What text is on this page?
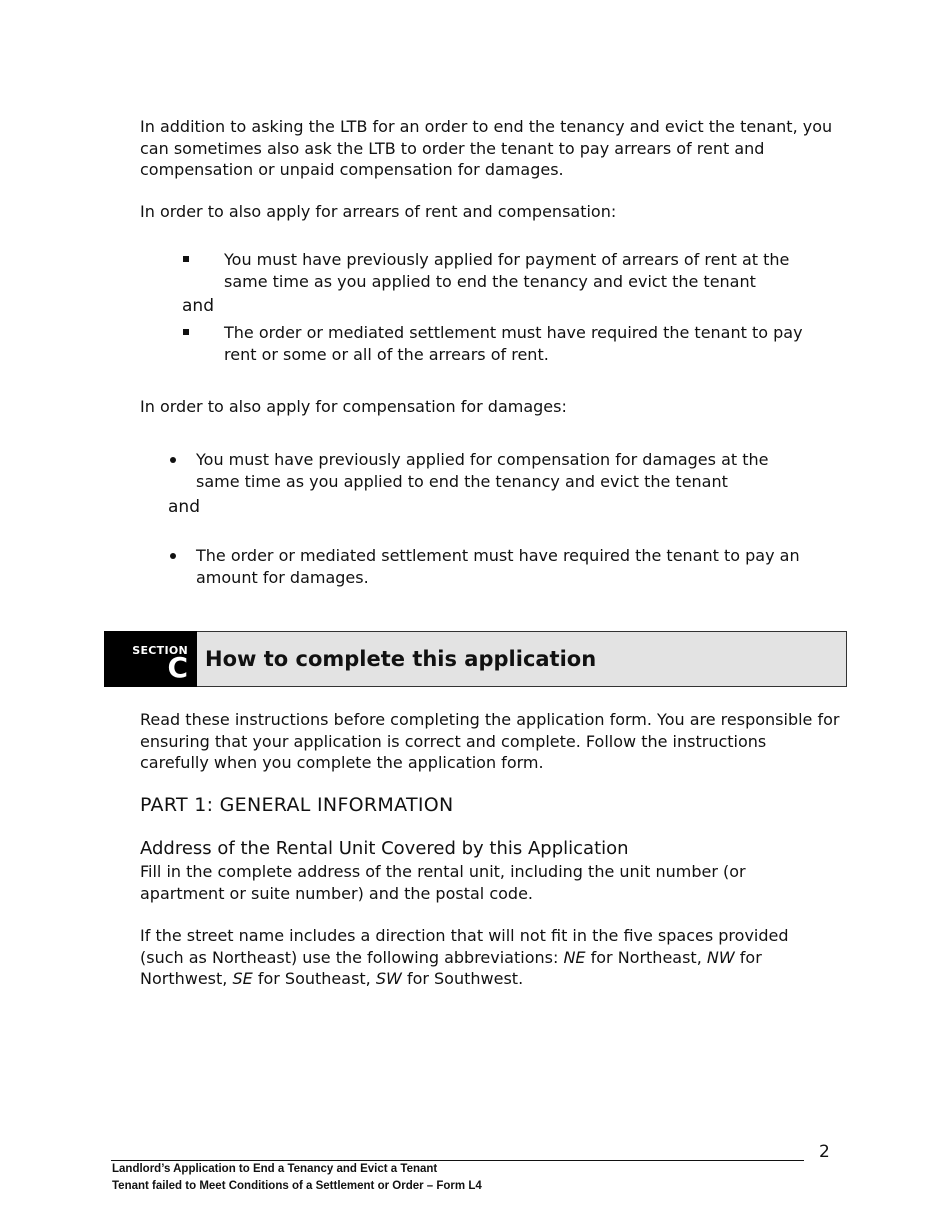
In addition to asking the LTB for an order to end the tenancy and evict the tenant, you can sometimes also ask the LTB to order the tenant to pay arrears of rent and compensation or unpaid compensation for damages.

In order to also apply for arrears of rent and compensation:

You must have previously applied for payment of arrears of rent at the same time as you applied to end the tenancy and evict the tenant

and

The order or mediated settlement must have required the tenant to pay rent or some or all of the arrears of rent.

In order to also apply for compensation for damages:

You must have previously applied for compensation for damages at the same time as you applied to end the tenancy and evict the tenant

and

The order or mediated settlement must have required the tenant to pay an amount for damages.

SECTION
C How to complete this application

Read these instructions before completing the application form. You are responsible for ensuring that your application is correct and complete. Follow the instructions carefully when you complete the application form.

PART 1: GENERAL INFORMATION
Address of the Rental Unit Covered by this Application

Fill in the complete address of the rental unit, including the unit number (or apartment or suite number) and the postal code.

If the street name includes a direction that will not fit in the five spaces provided (such as Northeast) use the following abbreviations: NE for Northeast, NW for Northwest, SE for Southeast, SW for Southwest.

2
Landlord’s Application to End a Tenancy and Evict a Tenant
Tenant failed to Meet Conditions of a Settlement or Order – Form L4
